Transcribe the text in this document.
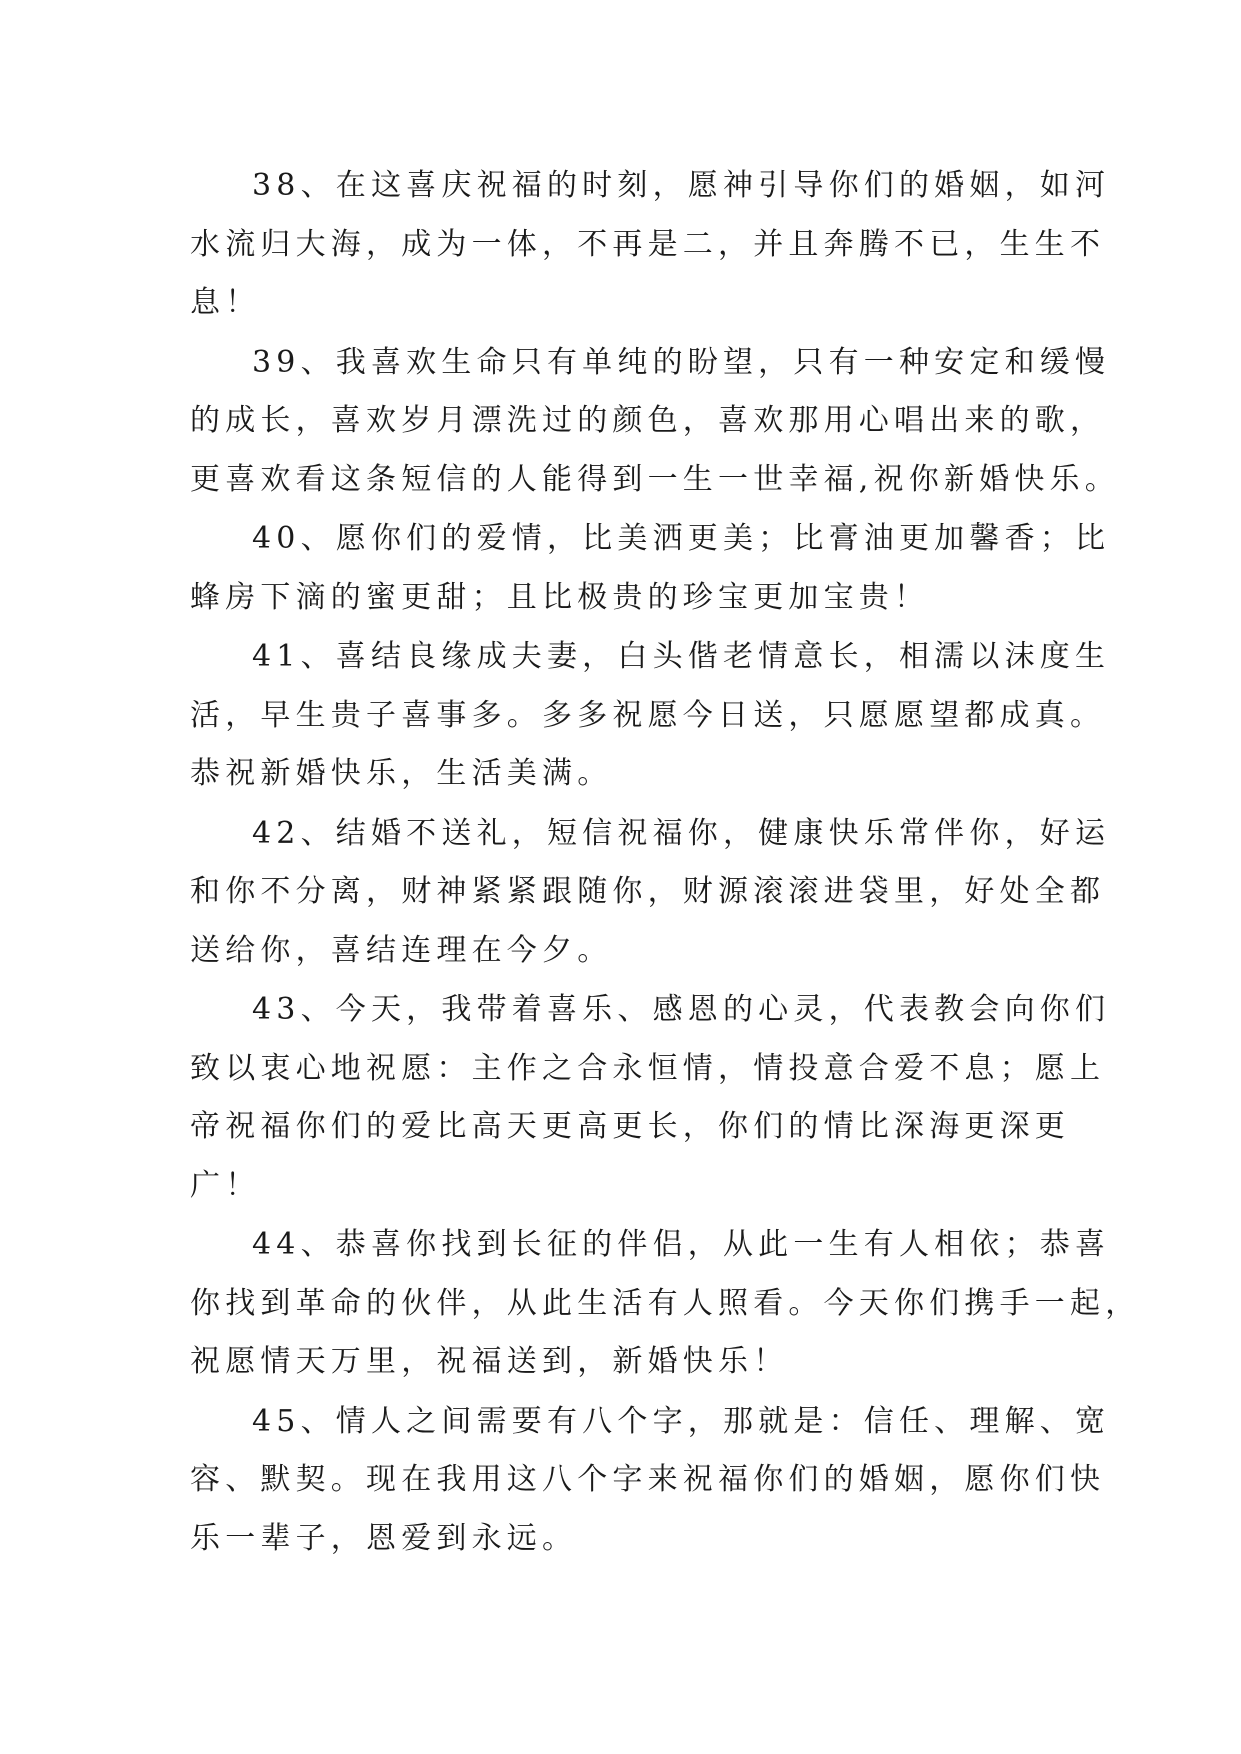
38、在这喜庆祝福的时刻，愿神引导你们的婚姻，如河
水流归大海，成为一体，不再是二，并且奔腾不已，生生不
息！

39、我喜欢生命只有单纯的盼望，只有一种安定和缓慢
的成长，喜欢岁月漂洗过的颜色，喜欢那用心唱出来的歌，
更喜欢看这条短信的人能得到一生一世幸福,祝你新婚快乐。

40、愿你们的爱情，比美洒更美；比膏油更加馨香；比
蜂房下滴的蜜更甜；且比极贵的珍宝更加宝贵！

41、喜结良缘成夫妻，白头偕老情意长，相濡以沫度生
活，早生贵子喜事多。多多祝愿今日送，只愿愿望都成真。
恭祝新婚快乐，生活美满。

42、结婚不送礼，短信祝福你，健康快乐常伴你，好运
和你不分离，财神紧紧跟随你，财源滚滚进袋里，好处全都
送给你，喜结连理在今夕。

43、今天，我带着喜乐、感恩的心灵，代表教会向你们
致以衷心地祝愿：主作之合永恒情，情投意合爱不息；愿上
帝祝福你们的爱比高天更高更长，你们的情比深海更深更
广！

44、恭喜你找到长征的伴侣，从此一生有人相依；恭喜
你找到革命的伙伴，从此生活有人照看。今天你们携手一起，
祝愿情天万里，祝福送到，新婚快乐！

45、情人之间需要有八个字，那就是：信任、理解、宽
容、默契。现在我用这八个字来祝福你们的婚姻，愿你们快
乐一辈子，恩爱到永远。
